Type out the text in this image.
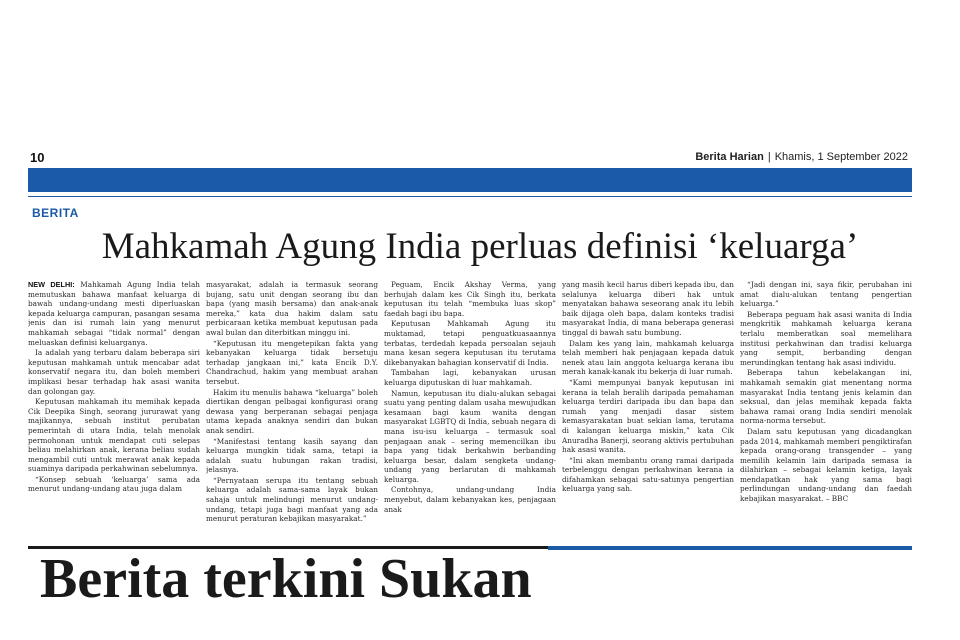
10	Berita Harian | Khamis, 1 September 2022
BERITA
Mahkamah Agung India perluas definisi ‘keluarga’

NEW DELHI: Mahkamah Agung India telah memutuskan bahawa manfaat keluarga di bawah undang-undang mesti diperluaskan kepada keluarga campuran, pasangan sesama jenis dan isi rumah lain yang menurut mahkamah sebagai “tidak normal” dengan meluaskan definisi keluarganya.

Ia adalah yang terbaru dalam beberapa siri keputusan mahkamah untuk mencabar adat konservatif negara itu, dan boleh memberi implikasi besar terhadap hak asasi wanita dan golongan gay.

Keputusan mahkamah itu memihak kepada Cik Deepika Singh, seorang jururawat yang majikannya, sebuah institut perubatan pemerintah di utara India, telah menolak permohonan untuk mendapat cuti selepas beliau melahirkan anak, kerana beliau sudah mengambil cuti untuk merawat anak kepada suaminya daripada perkahwinan sebelumnya.

“Konsep sebuah ‘keluarga’ sama ada menurut undang-undang atau juga dalam

masyarakat, adalah ia termasuk seorang bujang, satu unit dengan seorang ibu dan bapa (yang masih bersama) dan anak-anak mereka,” kata dua hakim dalam satu perbicaraan ketika membuat keputusan pada awal bulan dan diterbitkan minggu ini.

“Keputusan itu mengetepikan fakta yang kebanyakan keluarga tidak bersetuju terhadap jangkaan ini,” kata Encik D.Y. Chandrachud, hakim yang membuat arahan tersebut.

Hakim itu menulis bahawa “keluarga” boleh diertikan dengan pelbagai konfigurasi orang dewasa yang berperanan sebagai penjaga utama kepada anaknya sendiri dan bukan anak sendiri.

“Manifestasi tentang kasih sayang dan keluarga mungkin tidak sama, tetapi ia adalah suatu hubungan rakan tradisi, jelasnya.

“Pernyataan serupa itu tentang sebuah keluarga adalah sama-sama layak bukan sahaja untuk melindungi menurut undang-undang, tetapi juga bagi manfaat yang ada menurut peraturan kebajikan masyarakat.”

Peguam, Encik Akshay Verma, yang berhujah dalam kes Cik Singh itu, berkata keputusan itu telah “membuka luas skop” faedah bagi ibu bapa.

Keputusan Mahkamah Agung itu muktamad, tetapi penguatkuasaannya terbatas, terdedah kepada persoalan sejauh mana kesan segera keputusan itu terutama dikebanyakan bahagian konservatif di India.

Tambahan lagi, kebanyakan urusan keluarga diputuskan di luar mahkamah.

Namun, keputusan itu dialu-alukan sebagai suatu yang penting dalam usaha mewujudkan kesamaan bagi kaum wanita dengan masyarakat LGBTQ di India, sebuah negara di mana isu-isu keluarga – termasuk soal penjagaan anak – sering memencilkan ibu bapa yang tidak berkahwin berbanding keluarga besar, dalam sengketa undang-undang yang berlarutan di mahkamah keluarga.

Contohnya, undang-undang India menyebut, dalam kebanyakan kes, penjagaan anak

yang masih kecil harus diberi kepada ibu, dan selalunya keluarga diberi hak untuk menyatakan bahawa seseorang anak itu lebih baik dijaga oleh bapa, dalam konteks tradisi masyarakat India, di mana beberapa generasi tinggal di bawah satu bumbung.

Dalam kes yang lain, mahkamah keluarga telah memberi hak penjagaan kepada datuk nenek atau lain anggota keluarga kerana ibu merah kanak-kanak itu bekerja di luar rumah.

“Kami mempunyai banyak keputusan ini kerana ia telah beralih daripada pemahaman keluarga terdiri daripada ibu dan bapa dan rumah yang menjadi dasar sistem kemasyarakatan buat sekian lama, terutama di kalangan keluarga miskin,” kata Cik Anuradha Banerji, seorang aktivis pertubuhan hak asasi wanita.

“Ini akan membantu orang ramai daripada terbelenggu dengan perkahwinan kerana ia difahamkan sebagai satu-satunya pengertian keluarga yang sah.

“Jadi dengan ini, saya fikir, perubahan ini amat dialu-alukan tentang pengertian keluarga.”

Beberapa peguam hak asasi wanita di India mengkritik mahkamah keluarga kerana terlalu memberatkan soal memelihara institusi perkahwinan dan tradisi keluarga yang sempit, berbanding dengan merundingkan tentang hak asasi individu.

Beberapa tahun kebelakangan ini, mahkamah semakin giat menentang norma masyarakat India tentang jenis kelamin dan seksual, dan jelas memihak kepada fakta bahawa ramai orang India sendiri menolak norma-norma tersebut.

Dalam satu keputusan yang dicadangkan pada 2014, mahkamah memberi pengiktirafan kepada orang-orang transgender – yang memilih kelamin lain daripada semasa ia dilahirkan – sebagai kelamin ketiga, layak mendapatkan hak yang sama bagi perlindungan undang-undang dan faedah kebajikan masyarakat. – BBC

Berita terkini Sukan
